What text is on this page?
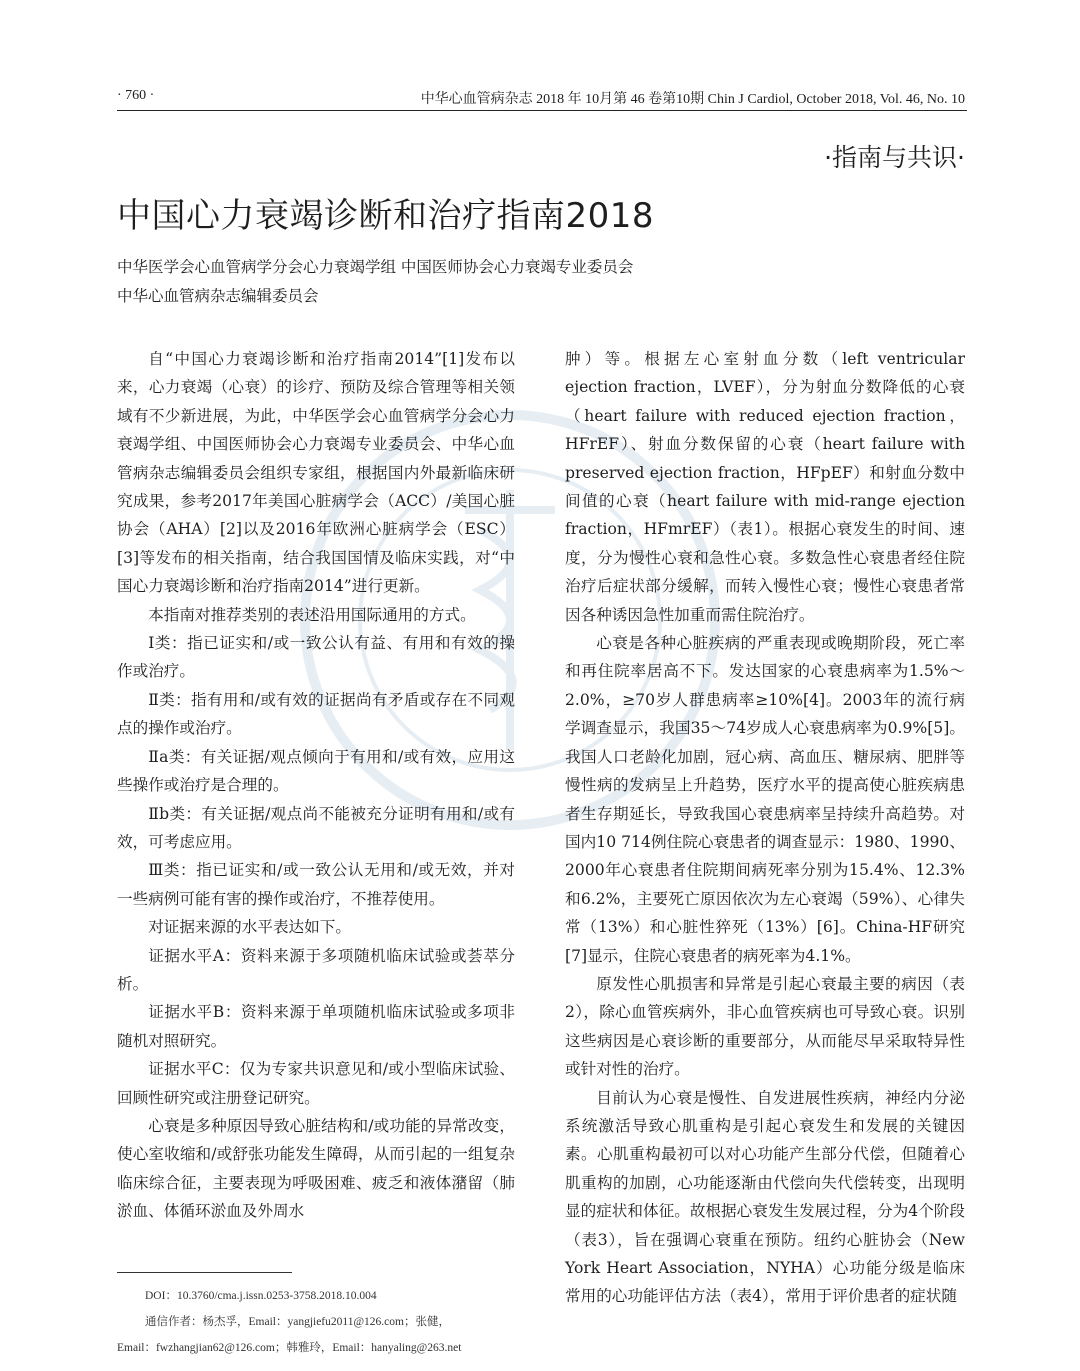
· 760 ·	中华心血管病杂志 2018 年 10月第 46 卷第10期 Chin J Cardiol, October 2018, Vol. 46, No. 10
·指南与共识·
中国心力衰竭诊断和治疗指南2018
中华医学会心血管病学分会心力衰竭学组 中国医师协会心力衰竭专业委员会
中华心血管病杂志编辑委员会

自“中国心力衰竭诊断和治疗指南2014”[1]发布以来，心力衰竭（心衰）的诊疗、预防及综合管理等相关领域有不少新进展，为此，中华医学会心血管病学分会心力衰竭学组、中国医师协会心力衰竭专业委员会、中华心血管病杂志编辑委员会组织专家组，根据国内外最新临床研究成果，参考2017年美国心脏病学会（ACC）/美国心脏协会（AHA）[2]以及2016年欧洲心脏病学会（ESC）[3]等发布的相关指南，结合我国国情及临床实践，对“中国心力衰竭诊断和治疗指南2014”进行更新。

本指南对推荐类别的表述沿用国际通用的方式。

Ⅰ类：指已证实和/或一致公认有益、有用和有效的操作或治疗。

Ⅱ类：指有用和/或有效的证据尚有矛盾或存在不同观点的操作或治疗。

Ⅱa类：有关证据/观点倾向于有用和/或有效，应用这些操作或治疗是合理的。

Ⅱb类：有关证据/观点尚不能被充分证明有用和/或有效，可考虑应用。

Ⅲ类：指已证实和/或一致公认无用和/或无效，并对一些病例可能有害的操作或治疗，不推荐使用。

对证据来源的水平表达如下。

证据水平A：资料来源于多项随机临床试验或荟萃分析。

证据水平B：资料来源于单项随机临床试验或多项非随机对照研究。

证据水平C：仅为专家共识意见和/或小型临床试验、回顾性研究或注册登记研究。

心衰是多种原因导致心脏结构和/或功能的异常改变，使心室收缩和/或舒张功能发生障碍，从而引起的一组复杂临床综合征，主要表现为呼吸困难、疲乏和液体潴留（肺淤血、体循环淤血及外周水

肿）等。根据左心室射血分数（left ventricular ejection fraction，LVEF），分为射血分数降低的心衰（heart failure with reduced ejection fraction，HFrEF）、射血分数保留的心衰（heart failure with preserved ejection fraction，HFpEF）和射血分数中间值的心衰（heart failure with mid-range ejection fraction，HFmrEF）（表1）。根据心衰发生的时间、速度，分为慢性心衰和急性心衰。多数急性心衰患者经住院治疗后症状部分缓解，而转入慢性心衰；慢性心衰患者常因各种诱因急性加重而需住院治疗。

心衰是各种心脏疾病的严重表现或晚期阶段，死亡率和再住院率居高不下。发达国家的心衰患病率为1.5%～2.0%，≥70岁人群患病率≥10%[4]。2003年的流行病学调查显示，我国35～74岁成人心衰患病率为0.9%[5]。我国人口老龄化加剧，冠心病、高血压、糖尿病、肥胖等慢性病的发病呈上升趋势，医疗水平的提高使心脏疾病患者生存期延长，导致我国心衰患病率呈持续升高趋势。对国内10 714例住院心衰患者的调查显示：1980、1990、2000年心衰患者住院期间病死率分别为15.4%、12.3%和6.2%，主要死亡原因依次为左心衰竭（59%）、心律失常（13%）和心脏性猝死（13%）[6]。China-HF研究[7]显示，住院心衰患者的病死率为4.1%。

原发性心肌损害和异常是引起心衰最主要的病因（表2），除心血管疾病外，非心血管疾病也可导致心衰。识别这些病因是心衰诊断的重要部分，从而能尽早采取特异性或针对性的治疗。

目前认为心衰是慢性、自发进展性疾病，神经内分泌系统激活导致心肌重构是引起心衰发生和发展的关键因素。心肌重构最初可以对心功能产生部分代偿，但随着心肌重构的加剧，心功能逐渐由代偿向失代偿转变，出现明显的症状和体征。故根据心衰发生发展过程，分为4个阶段（表3），旨在强调心衰重在预防。纽约心脏协会（New York Heart Association，NYHA）心功能分级是临床常用的心功能评估方法（表4），常用于评价患者的症状随

DOI：10.3760/cma.j.issn.0253-3758.2018.10.004
通信作者：杨杰孚，Email：yangjiefu2011@126.com；张健，
Email：fwzhangjian62@126.com；韩雅玲，Email：hanyaling@263.net
